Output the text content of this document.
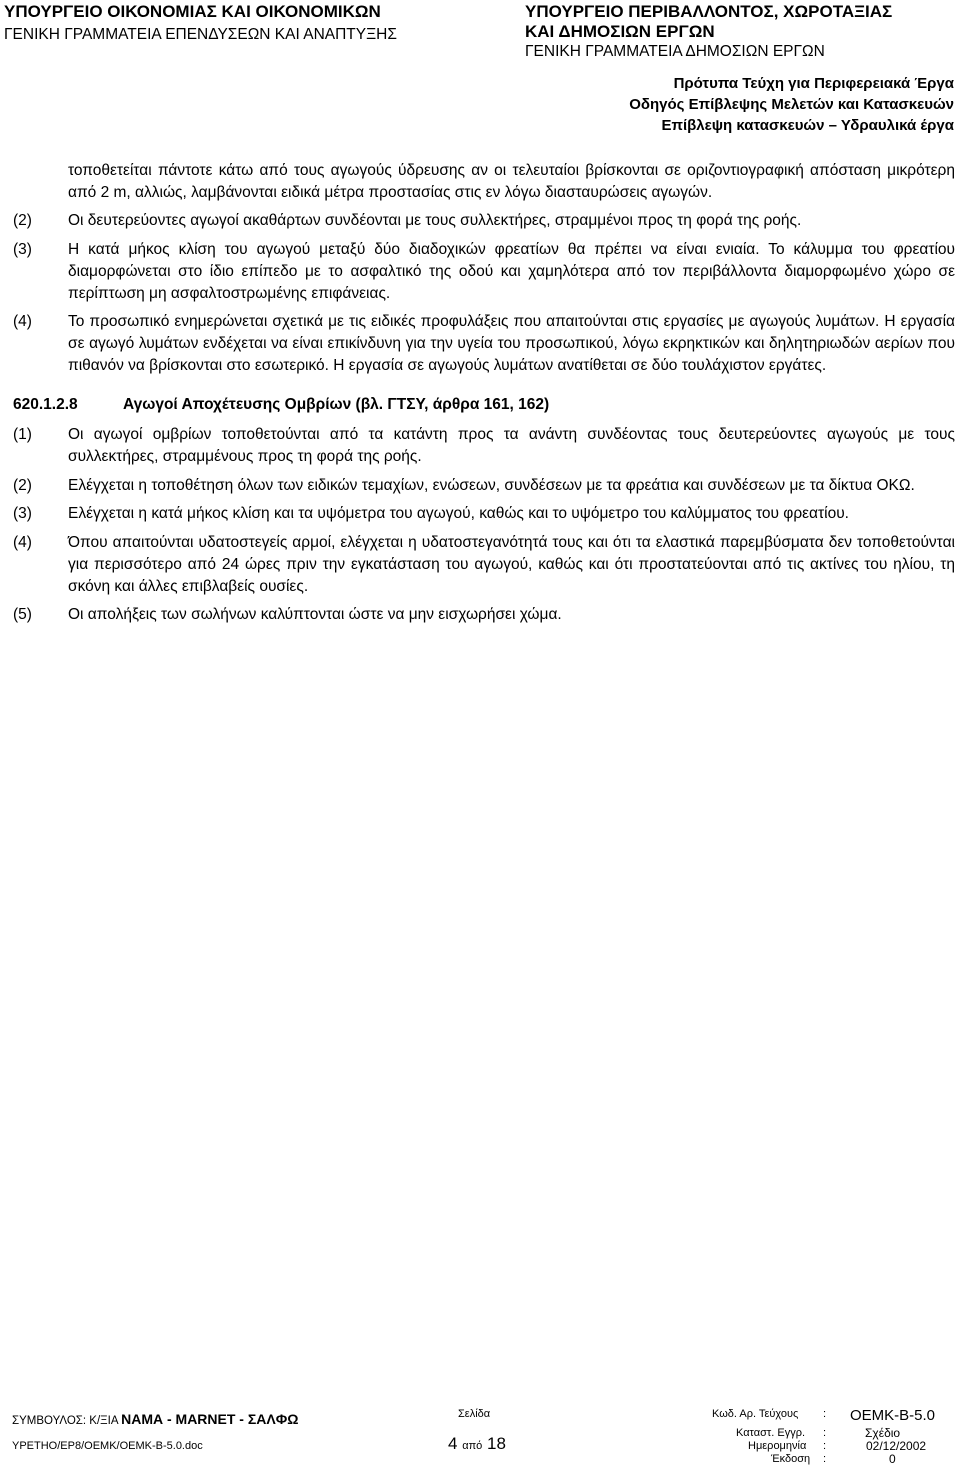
ΥΠΟΥΡΓΕΙΟ ΟΙΚΟΝΟΜΙΑΣ ΚΑΙ ΟΙΚΟΝΟΜΙΚΩΝ
ΓΕΝΙΚΗ ΓΡΑΜΜΑΤΕΙΑ ΕΠΕΝΔΥΣΕΩΝ ΚΑΙ ΑΝΑΠΤΥΞΗΣ
ΥΠΟΥΡΓΕΙΟ ΠΕΡΙΒΑΛΛΟΝΤΟΣ, ΧΩΡΟΤΑΞΙΑΣ
ΚΑΙ ΔΗΜΟΣΙΩΝ ΕΡΓΩΝ
ΓΕΝΙΚΗ ΓΡΑΜΜΑΤΕΙΑ ΔΗΜΟΣΙΩΝ ΕΡΓΩΝ
Πρότυπα Τεύχη για Περιφερειακά Έργα
Οδηγός Επίβλεψης Μελετών και Κατασκευών
Επίβλεψη κατασκευών – Υδραυλικά έργα
τοποθετείται πάντοτε κάτω από τους αγωγούς ύδρευσης αν οι τελευταίοι βρίσκονται σε οριζοντιογραφική απόσταση μικρότερη από 2 m, αλλιώς, λαμβάνονται ειδικά μέτρα προστασίας στις εν λόγω διασταυρώσεις αγωγών.
(2)	Οι δευτερεύοντες αγωγοί ακαθάρτων συνδέονται με τους συλλεκτήρες, στραμμένοι προς τη φορά της ροής.
(3)	Η κατά μήκος κλίση του αγωγού μεταξύ δύο διαδοχικών φρεατίων θα πρέπει να είναι ενιαία. Το κάλυμμα του φρεατίου διαμορφώνεται στο ίδιο επίπεδο με το ασφαλτικό της οδού και χαμηλότερα από τον περιβάλλοντα διαμορφωμένο χώρο σε περίπτωση μη ασφαλτοστρωμένης επιφάνειας.
(4)	Το προσωπικό ενημερώνεται σχετικά με τις ειδικές προφυλάξεις που απαιτούνται στις εργασίες με αγωγούς λυμάτων. Η εργασία σε αγωγό λυμάτων ενδέχεται να είναι επικίνδυνη για την υγεία του προσωπικού, λόγω εκρηκτικών και δηλητηριωδών αερίων που πιθανόν να βρίσκονται στο εσωτερικό. Η εργασία σε αγωγούς λυμάτων ανατίθεται σε δύο τουλάχιστον εργάτες.
620.1.2.8	Αγωγοί Αποχέτευσης Ομβρίων (βλ. ΓΤΣΥ, άρθρα 161, 162)
(1)	Οι αγωγοί ομβρίων τοποθετούνται από τα κατάντη προς τα ανάντη συνδέοντας τους δευτερεύοντες αγωγούς με τους συλλεκτήρες, στραμμένους προς τη φορά της ροής.
(2)	Ελέγχεται η τοποθέτηση όλων των ειδικών τεμαχίων, ενώσεων, συνδέσεων με τα φρεάτια και συνδέσεων με τα δίκτυα ΟΚΩ.
(3)	Ελέγχεται η κατά μήκος κλίση και τα υψόμετρα του αγωγού, καθώς και το υψόμετρο του καλύμματος του φρεατίου.
(4)	Όπου απαιτούνται υδατοστεγείς αρμοί, ελέγχεται η υδατοστεγανότητά τους και ότι τα ελαστικά παρεμβύσματα δεν τοποθετούνται για περισσότερο από 24 ώρες πριν την εγκατάσταση του αγωγού, καθώς και ότι προστατεύονται από τις ακτίνες του ηλίου, τη σκόνη και άλλες επιβλαβείς ουσίες.
(5)	Οι απολήξεις των σωλήνων καλύπτονται ώστε να μην εισχωρήσει χώμα.
ΣΥΜΒΟΥΛΟΣ: Κ/ΞΙΑ ΝΑΜΑ - MARNET - ΣΑΛΦΩ
ΥΡΕΤΗΟ/ΕΡ8/ΟΕΜΚ/ΟΕΜΚ-Β-5.0.doc
Σελίδα
4 από 18
Κωδ. Αρ. Τεύχους : ΟΕΜΚ-Β-5.0
Καταστ. Εγγρ. :	Σχέδιο
Ημερομηνία :	02/12/2002
Έκδοση :	0
